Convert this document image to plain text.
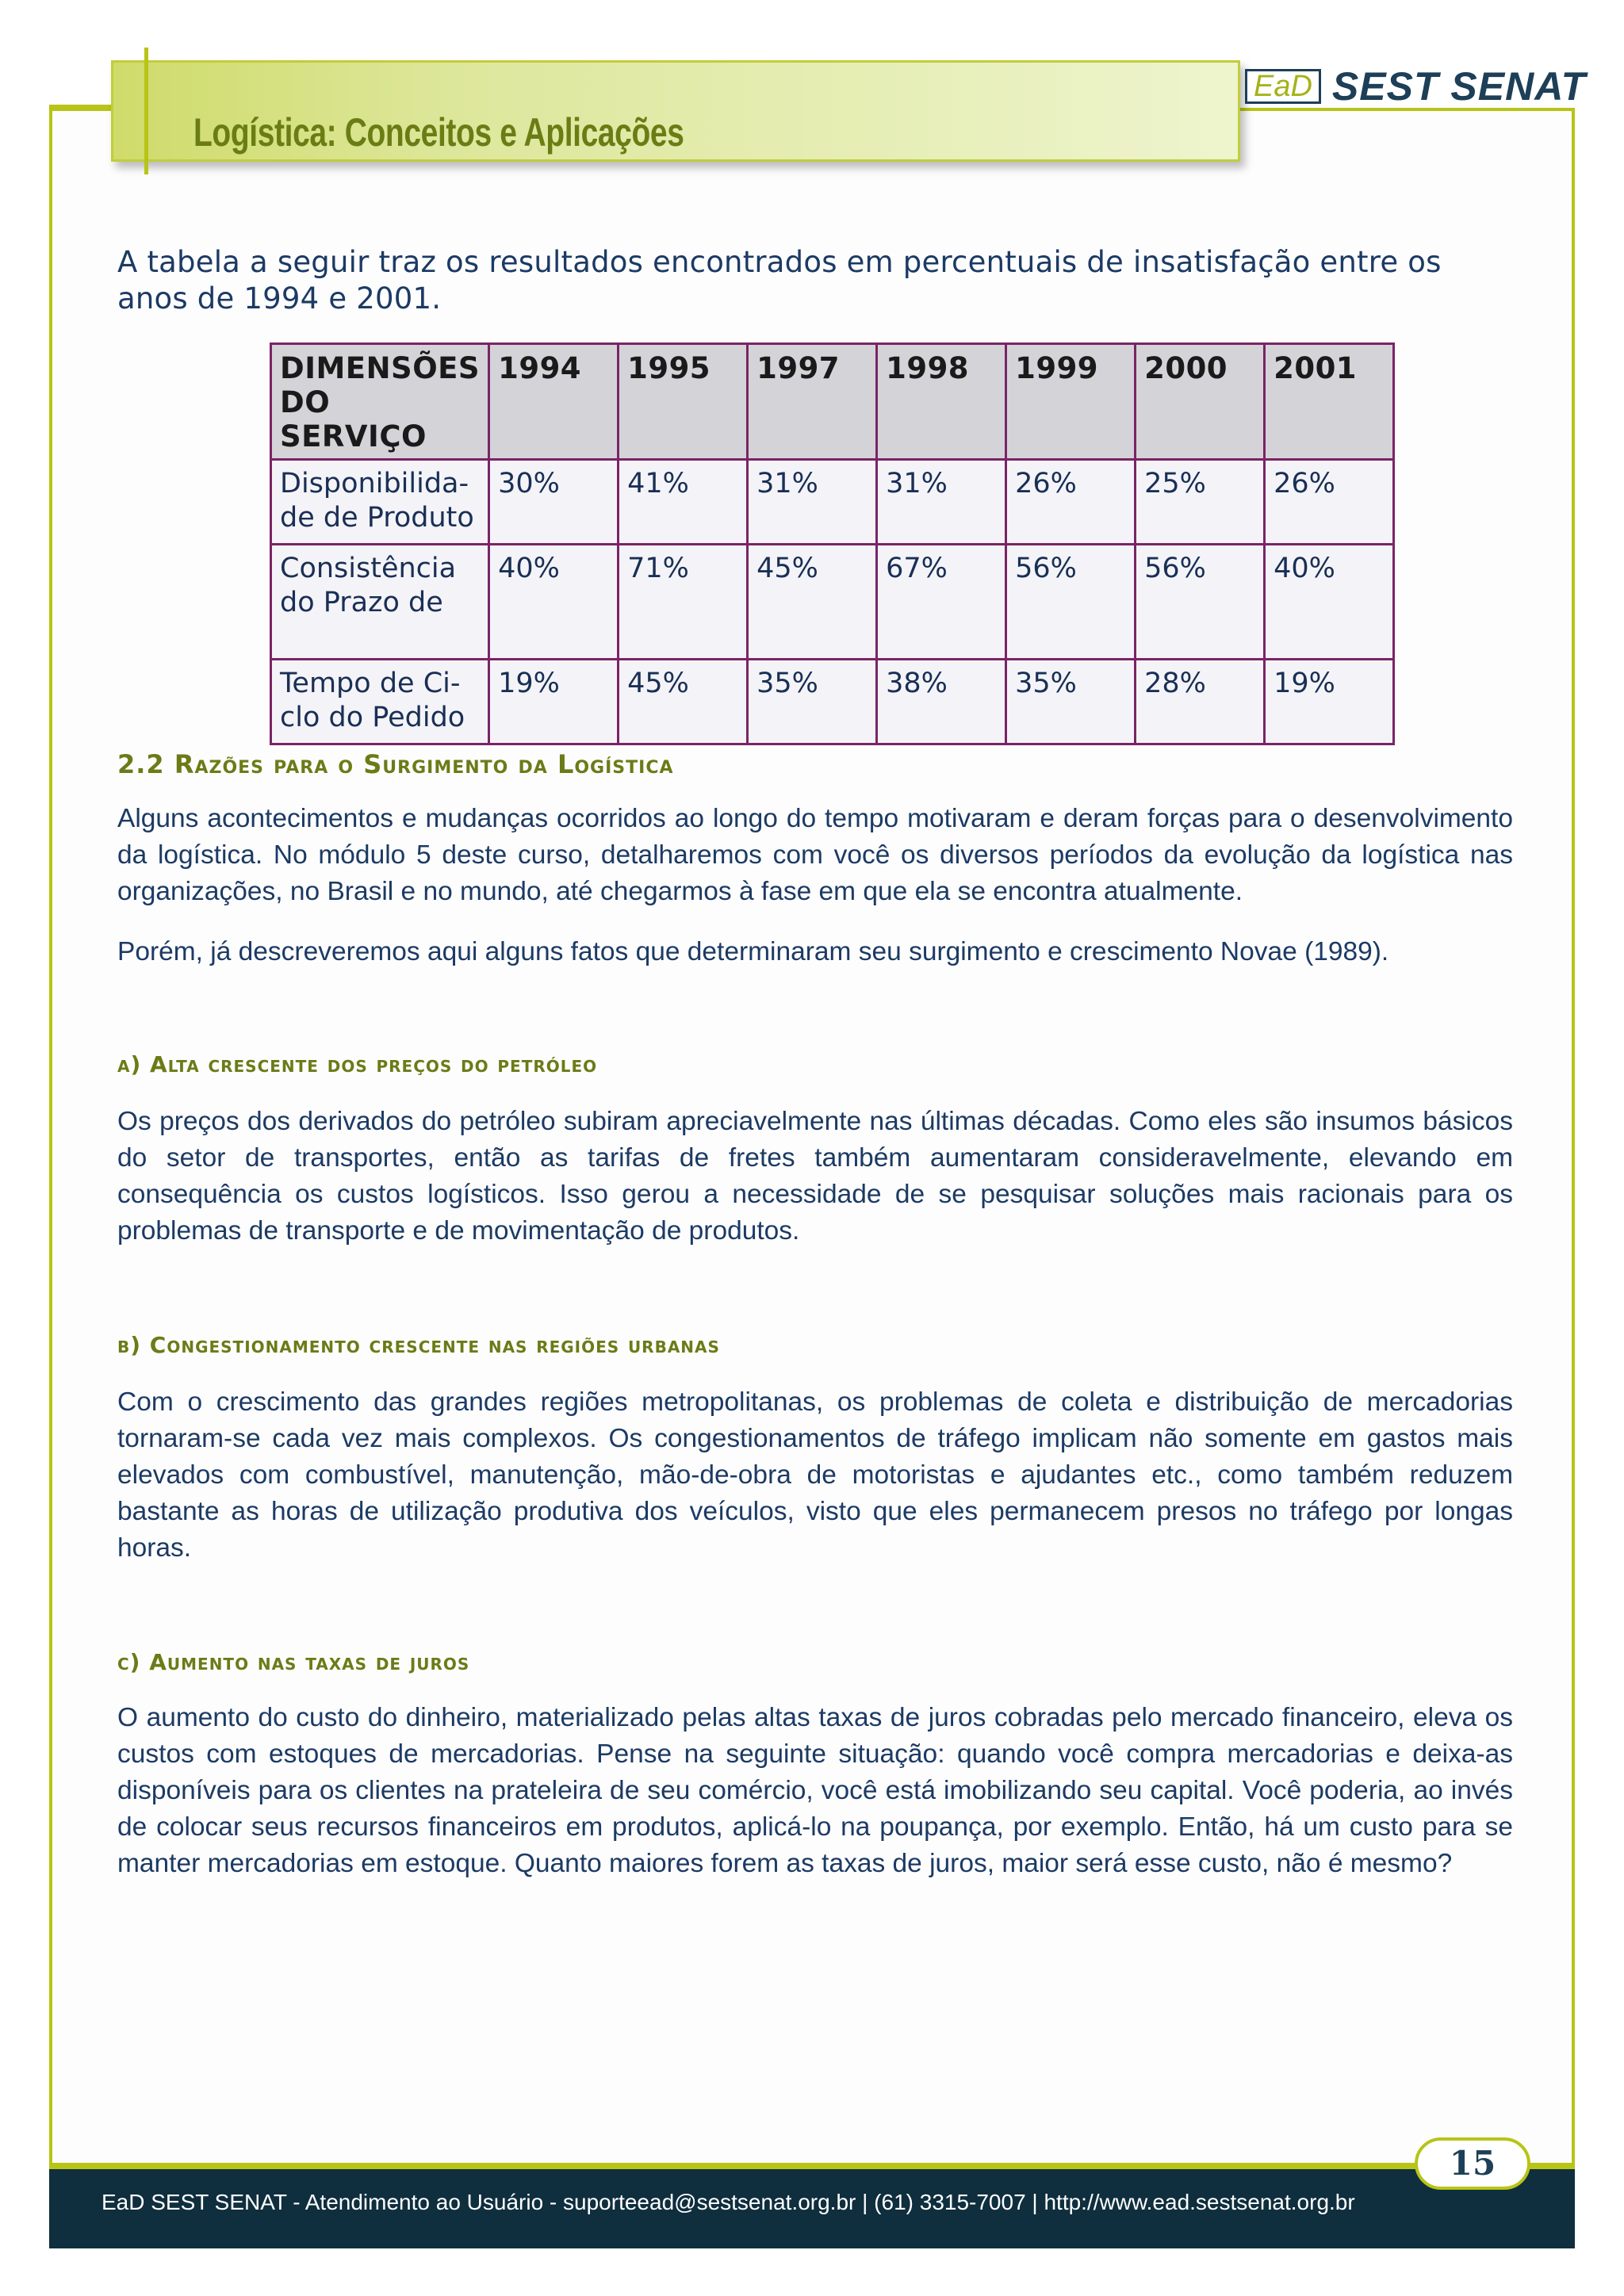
Logística: Conceitos e Aplicações
EaD SEST SENAT
A tabela a seguir traz os resultados encontrados em percentuais de insatisfação entre os anos de 1994 e 2001.
DIMENSÕES DO SERVIÇO	1994	1995	1997	1998	1999	2000	2001
Disponibilida-de de Produto	30%	41%	31%	31%	26%	25%	26%
Consistência do Prazo de	40%	71%	45%	67%	56%	56%	40%
Tempo de Ci-clo do Pedido	19%	45%	35%	38%	35%	28%	19%
2.2 Razões para o Surgimento da Logística
Alguns acontecimentos e mudanças ocorridos ao longo do tempo motivaram e deram forças para o desenvolvimento da logística. No módulo 5 deste curso, detalharemos com você os diversos períodos da evolução da logística nas organizações, no Brasil e no mundo, até chegarmos à fase em que ela se encontra atualmente.
Porém, já descreveremos aqui alguns fatos que determinaram seu surgimento e crescimento Novae (1989).
a) Alta crescente dos preços do petróleo
Os preços dos derivados do petróleo subiram apreciavelmente nas últimas décadas. Como eles são insumos básicos do setor de transportes, então as tarifas de fretes também aumentaram consideravelmente, elevando em consequência os custos logísticos. Isso gerou a necessidade de se pesquisar soluções mais racionais para os problemas de transporte e de movimentação de produtos.
b) Congestionamento crescente nas regiões urbanas
Com o crescimento das grandes regiões metropolitanas, os problemas de coleta e distribuição de mercadorias tornaram-se cada vez mais complexos. Os congestionamentos de tráfego implicam não somente em gastos mais elevados com combustível, manutenção, mão-de-obra de motoristas e ajudantes etc., como também reduzem bastante as horas de utilização produtiva dos veículos, visto que eles permanecem presos no tráfego por longas horas.
c) Aumento nas taxas de juros
O aumento do custo do dinheiro, materializado pelas altas taxas de juros cobradas pelo mercado financeiro, eleva os custos com estoques de mercadorias. Pense na seguinte situação: quando você compra mercadorias e deixa-as disponíveis para os clientes na prateleira de seu comércio, você está imobilizando seu capital. Você poderia, ao invés de colocar seus recursos financeiros em produtos, aplicá-lo na poupança, por exemplo. Então, há um custo para se manter mercadorias em estoque. Quanto maiores forem as taxas de juros, maior será esse custo, não é mesmo?
EaD SEST SENAT - Atendimento ao Usuário - suporteead@sestsenat.org.br | (61) 3315-7007 | http://www.ead.sestsenat.org.br
15
